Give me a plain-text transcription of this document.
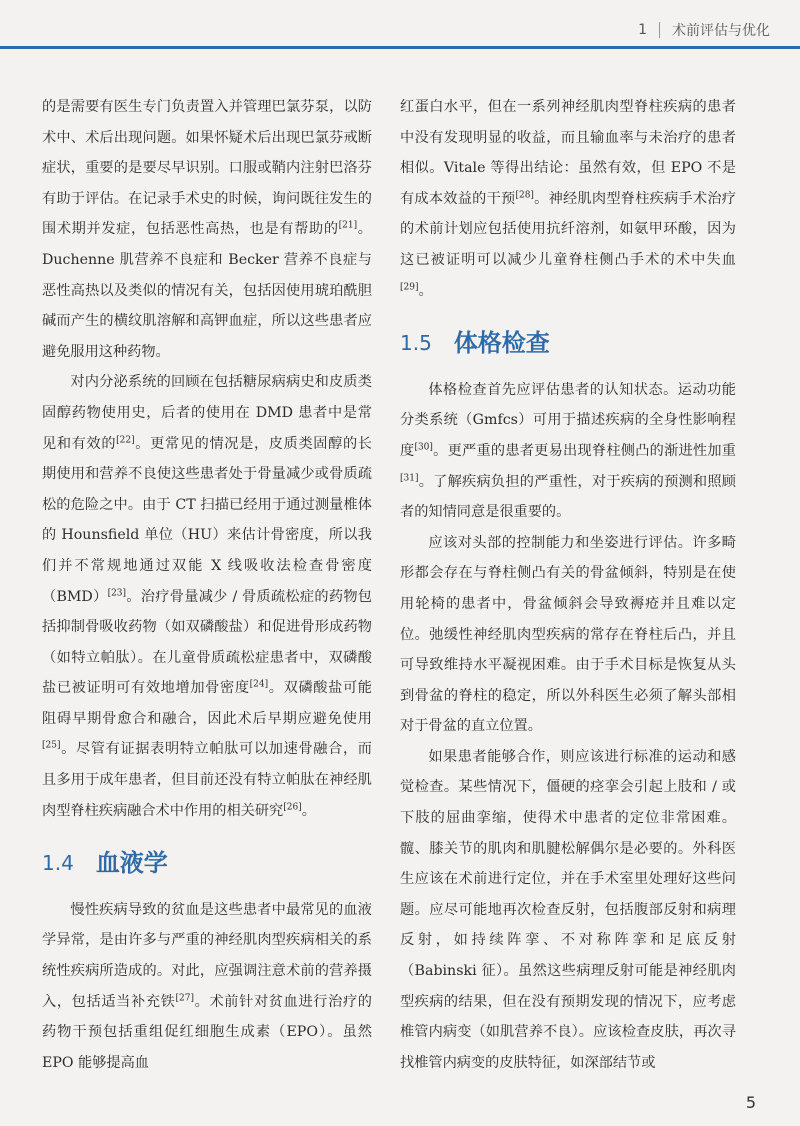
1 术前评估与优化

的是需要有医生专门负责置入并管理巴氯芬泵，以防术中、术后出现问题。如果怀疑术后出现巴氯芬戒断症状，重要的是要尽早识别。口服或鞘内注射巴洛芬有助于评估。在记录手术史的时候，询问既往发生的围术期并发症，包括恶性高热，也是有帮助的[21]。Duchenne 肌营养不良症和 Becker 营养不良症与恶性高热以及类似的情况有关，包括因使用琥珀酰胆碱而产生的横纹肌溶解和高钾血症，所以这些患者应避免服用这种药物。

对内分泌系统的回顾在包括糖尿病病史和皮质类固醇药物使用史，后者的使用在 DMD 患者中是常见和有效的[22]。更常见的情况是，皮质类固醇的长期使用和营养不良使这些患者处于骨量减少或骨质疏松的危险之中。由于 CT 扫描已经用于通过测量椎体的 Hounsfield 单位（HU）来估计骨密度，所以我们并不常规地通过双能 X 线吸收法检查骨密度（BMD）[23]。治疗骨量减少 / 骨质疏松症的药物包括抑制骨吸收药物（如双磷酸盐）和促进骨形成药物（如特立帕肽）。在儿童骨质疏松症患者中，双磷酸盐已被证明可有效地增加骨密度[24]。双磷酸盐可能阻碍早期骨愈合和融合，因此术后早期应避免使用[25]。尽管有证据表明特立帕肽可以加速骨融合，而且多用于成年患者，但目前还没有特立帕肽在神经肌肉型脊柱疾病融合术中作用的相关研究[26]。

1.4 血液学

慢性疾病导致的贫血是这些患者中最常见的血液学异常，是由许多与严重的神经肌肉型疾病相关的系统性疾病所造成的。对此，应强调注意术前的营养摄入，包括适当补充铁[27]。术前针对贫血进行治疗的药物干预包括重组促红细胞生成素（EPO）。虽然 EPO 能够提高血

红蛋白水平，但在一系列神经肌肉型脊柱疾病的患者中没有发现明显的收益，而且输血率与未治疗的患者相似。Vitale 等得出结论：虽然有效，但 EPO 不是有成本效益的干预[28]。神经肌肉型脊柱疾病手术治疗的术前计划应包括使用抗纤溶剂，如氨甲环酸，因为这已被证明可以减少儿童脊柱侧凸手术的术中失血[29]。

1.5 体格检查

体格检查首先应评估患者的认知状态。运动功能分类系统（Gmfcs）可用于描述疾病的全身性影响程度[30]。更严重的患者更易出现脊柱侧凸的渐进性加重[31]。了解疾病负担的严重性，对于疾病的预测和照顾者的知情同意是很重要的。

应该对头部的控制能力和坐姿进行评估。许多畸形都会存在与脊柱侧凸有关的骨盆倾斜，特别是在使用轮椅的患者中，骨盆倾斜会导致褥疮并且难以定位。弛缓性神经肌肉型疾病的常存在脊柱后凸，并且可导致维持水平凝视困难。由于手术目标是恢复从头到骨盆的脊柱的稳定，所以外科医生必须了解头部相对于骨盆的直立位置。

如果患者能够合作，则应该进行标准的运动和感觉检查。某些情况下，僵硬的痉挛会引起上肢和 / 或下肢的屈曲挛缩，使得术中患者的定位非常困难。髋、膝关节的肌肉和肌腱松解偶尔是必要的。外科医生应该在术前进行定位，并在手术室里处理好这些问题。应尽可能地再次检查反射，包括腹部反射和病理反射，如持续阵挛、不对称阵挛和足底反射（Babinski 征）。虽然这些病理反射可能是神经肌肉型疾病的结果，但在没有预期发现的情况下，应考虑椎管内病变（如肌营养不良）。应该检查皮肤，再次寻找椎管内病变的皮肤特征，如深部结节或

5
